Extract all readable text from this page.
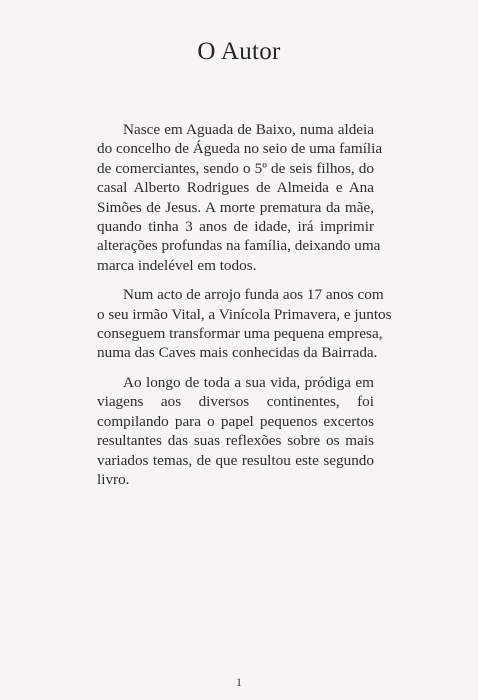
O Autor

Nasce em Aguada de Baixo, numa aldeia
do concelho de Águeda no seio de uma família
de comerciantes, sendo o 5º de seis filhos, do
casal Alberto Rodrigues de Almeida e Ana
Simões de Jesus. A morte prematura da mãe,
quando tinha 3 anos de idade, irá imprimir
alterações profundas na família, deixando uma
marca indelével em todos.

Num acto de arrojo funda aos 17 anos com
o seu irmão Vital, a Vinícola Primavera, e juntos
conseguem transformar uma pequena empresa,
numa das Caves mais conhecidas da Bairrada.

Ao longo de toda a sua vida, pródiga em
viagens aos diversos continentes, foi
compilando para o papel pequenos excertos
resultantes das suas reflexões sobre os mais
variados temas, de que resultou este segundo
livro.

1
